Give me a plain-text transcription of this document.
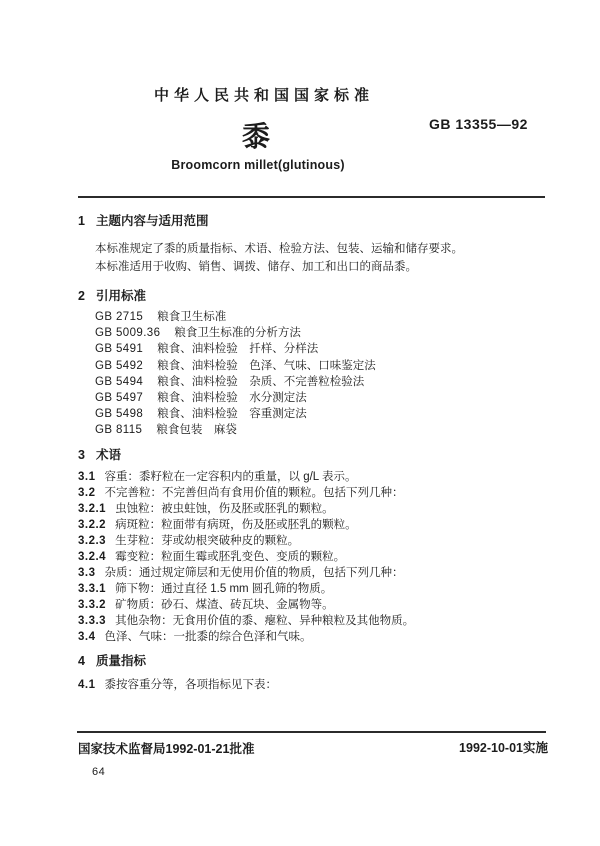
中华人民共和国国家标准
GB 13355—92
黍
Broomcorn millet(glutinous)
1 主题内容与适用范围
本标准规定了黍的质量指标、术语、检验方法、包装、运输和储存要求。
本标准适用于收购、销售、调拨、储存、加工和出口的商品黍。
2 引用标准
GB 2715 粮食卫生标准
GB 5009.36 粮食卫生标准的分析方法
GB 5491 粮食、油料检验　扦样、分样法
GB 5492 粮食、油料检验　色泽、气味、口味鉴定法
GB 5494 粮食、油料检验　杂质、不完善粒检验法
GB 5497 粮食、油料检验　水分测定法
GB 5498 粮食、油料检验　容重测定法
GB 8115 粮食包装　麻袋
3 术语
3.1 容重：黍籽粒在一定容积内的重量，以 g/L 表示。
3.2 不完善粒：不完善但尚有食用价值的颗粒。包括下列几种：
3.2.1 虫蚀粒：被虫蛀蚀，伤及胚或胚乳的颗粒。
3.2.2 病斑粒：粒面带有病斑，伤及胚或胚乳的颗粒。
3.2.3 生芽粒：芽或幼根突破种皮的颗粒。
3.2.4 霉变粒：粒面生霉或胚乳变色、变质的颗粒。
3.3 杂质：通过规定筛层和无使用价值的物质，包括下列几种：
3.3.1 筛下物：通过直径 1.5 mm 圆孔筛的物质。
3.3.2 矿物质：砂石、煤渣、砖瓦块、金属物等。
3.3.3 其他杂物：无食用价值的黍、瘪粒、异种粮粒及其他物质。
3.4 色泽、气味：一批黍的综合色泽和气味。
4 质量指标
4.1 黍按容重分等，各项指标见下表：
国家技术监督局1992-01-21批准	1992-10-01实施
64
